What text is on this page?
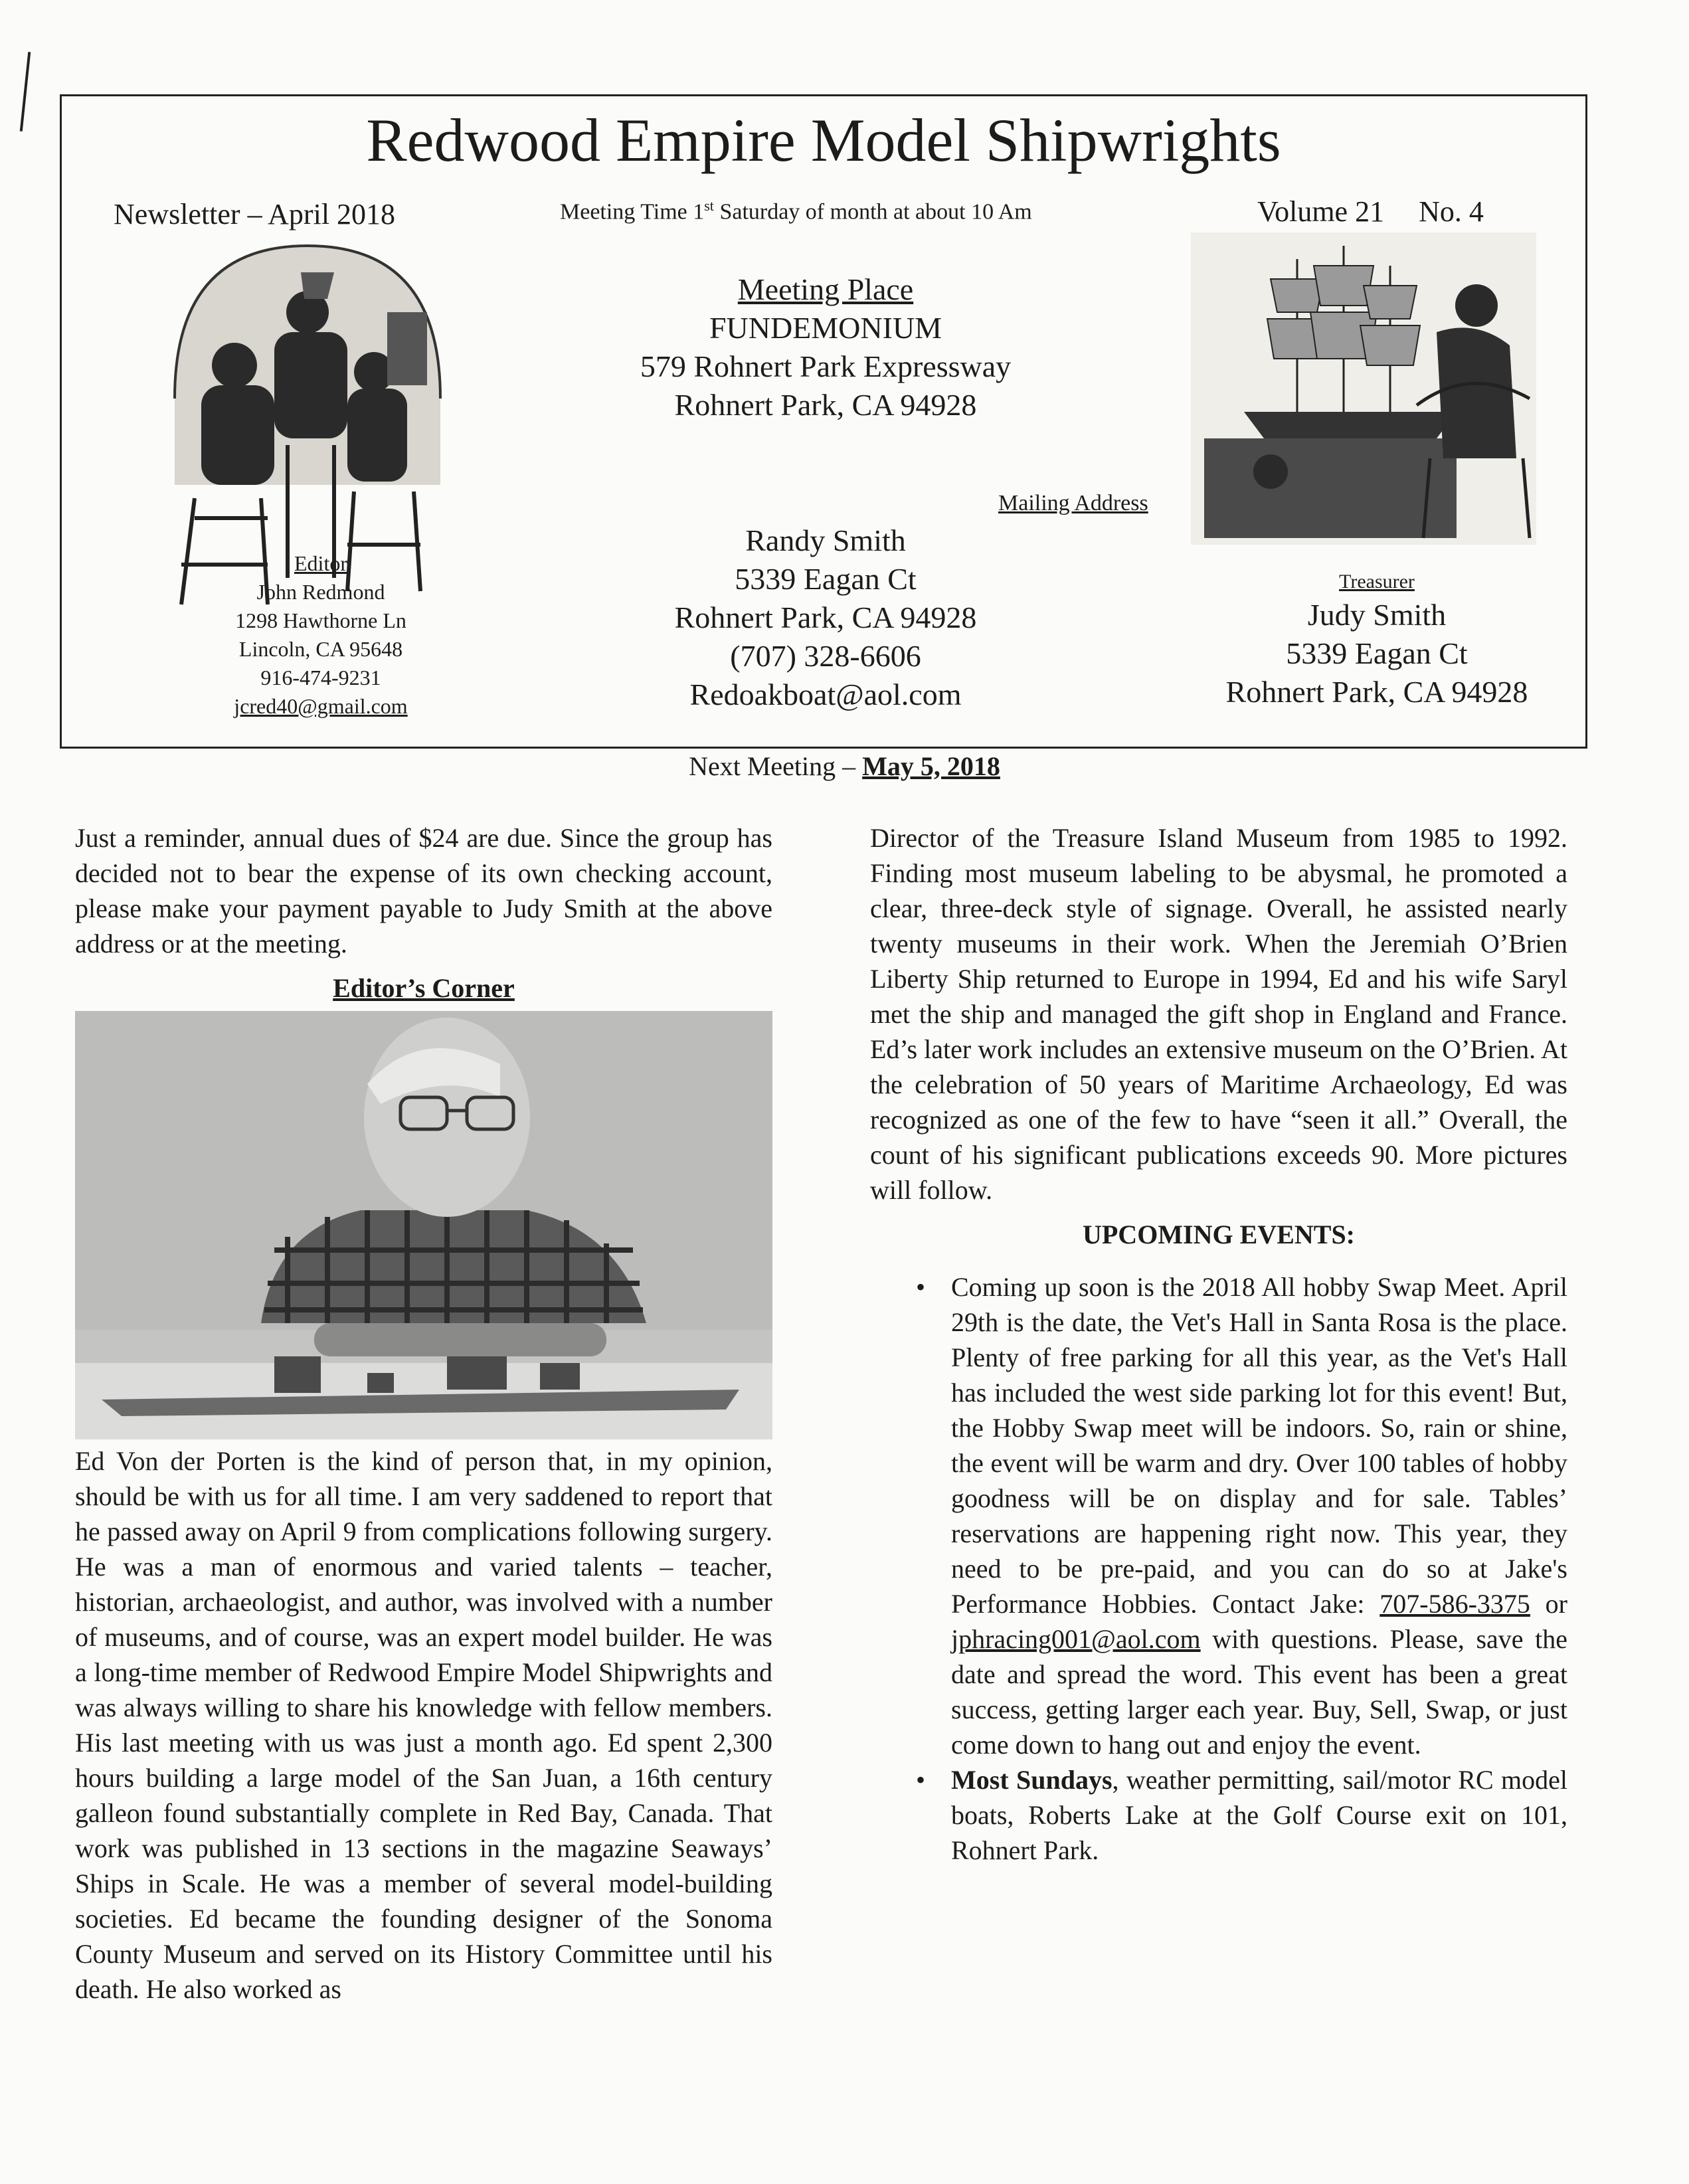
Redwood Empire Model Shipwrights
Newsletter – April 2018	Meeting Time 1st Saturday of month at about 10 Am	Volume 21 No. 4
Editor
John Redmond
1298 Hawthorne Ln
Lincoln, CA 95648
916-474-9231
jcred40@gmail.com
Meeting Place
FUNDEMONIUM
579 Rohnert Park Expressway
Rohnert Park, CA 94928
Mailing Address
Randy Smith
5339 Eagan Ct
Rohnert Park, CA 94928
(707) 328-6606
Redoakboat@aol.com
Treasurer
Judy Smith
5339 Eagan Ct
Rohnert Park, CA 94928
Next Meeting – May 5, 2018

Just a reminder, annual dues of $24 are due. Since the group has decided not to bear the expense of its own checking account, please make your payment payable to Judy Smith at the above address or at the meeting.

Editor’s Corner

Ed Von der Porten is the kind of person that, in my opinion, should be with us for all time. I am very saddened to report that he passed away on April 9 from complications following surgery. He was a man of enormous and varied talents – teacher, historian, archaeologist, and author, was involved with a number of museums, and of course, was an expert model builder. He was a long-time member of Redwood Empire Model Shipwrights and was always willing to share his knowledge with fellow members. His last meeting with us was just a month ago. Ed spent 2,300 hours building a large model of the San Juan, a 16th century galleon found substantially complete in Red Bay, Canada. That work was published in 13 sections in the magazine Seaways’ Ships in Scale. He was a member of several model-building societies. Ed became the founding designer of the Sonoma County Museum and served on its History Committee until his death. He also worked as

Director of the Treasure Island Museum from 1985 to 1992. Finding most museum labeling to be abysmal, he promoted a clear, three-deck style of signage. Overall, he assisted nearly twenty museums in their work. When the Jeremiah O’Brien Liberty Ship returned to Europe in 1994, Ed and his wife Saryl met the ship and managed the gift shop in England and France. Ed’s later work includes an extensive museum on the O’Brien. At the celebration of 50 years of Maritime Archaeology, Ed was recognized as one of the few to have “seen it all.” Overall, the count of his significant publications exceeds 90. More pictures will follow.

UPCOMING EVENTS:
• Coming up soon is the 2018 All hobby Swap Meet. April 29th is the date, the Vet's Hall in Santa Rosa is the place. Plenty of free parking for all this year, as the Vet's Hall has included the west side parking lot for this event! But, the Hobby Swap meet will be indoors. So, rain or shine, the event will be warm and dry. Over 100 tables of hobby goodness will be on display and for sale. Tables’ reservations are happening right now. This year, they need to be pre-paid, and you can do so at Jake's Performance Hobbies. Contact Jake: 707-586-3375 or jphracing001@aol.com with questions. Please, save the date and spread the word. This event has been a great success, getting larger each year. Buy, Sell, Swap, or just come down to hang out and enjoy the event.
• Most Sundays, weather permitting, sail/motor RC model boats, Roberts Lake at the Golf Course exit on 101, Rohnert Park.
